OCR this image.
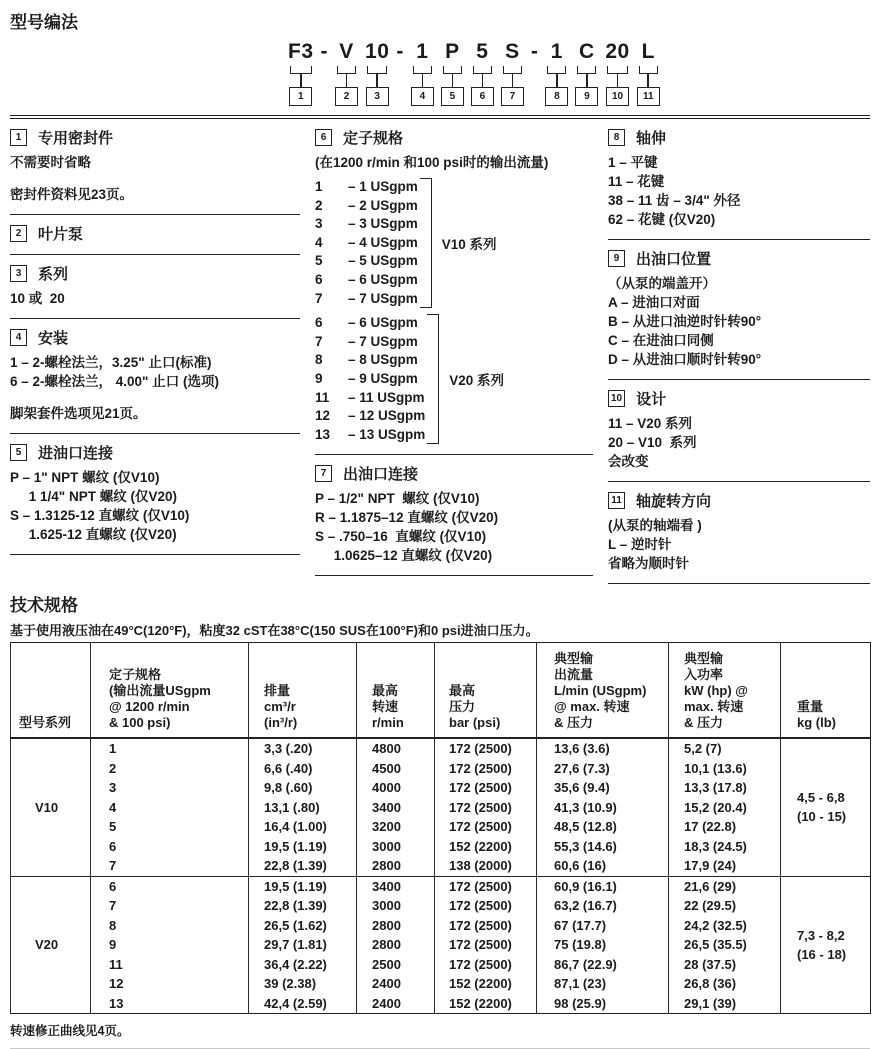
型号编法
F3
1
- V
2
10
3
- 1
4
P
5
5
6
S
7
- 1
8
C
9
20
10
L
11
1	专用密封件
不需要时省略
密封件资料见23页。
2	叶片泵
3	系列
10 或  20
4	安装
1 – 2-螺栓法兰，3.25" 止口(标准)
6 – 2-螺栓法兰， 4.00" 止口 (选项)
脚架套件选项见21页。
5	进油口连接
P – 1" NPT 螺纹 (仅V10)
1 1/4" NPT 螺纹 (仅V20)
S – 1.3125-12 直螺纹 (仅V10)
1.625-12 直螺纹 (仅V20)
6	定子规格
(在1200 r/min 和100 psi时的输出流量)
1	– 1 USgpm
2	– 2 USgpm
3	– 3 USgpm
4	– 4 USgpm
5	– 5 USgpm
6	– 6 USgpm
7	– 7 USgpm
V10 系列
6	– 6 USgpm
7	– 7 USgpm
8	– 8 USgpm
9	– 9 USgpm
11	– 11 USgpm
12	– 12 USgpm
13	– 13 USgpm
V20 系列
7	出油口连接
P – 1/2" NPT  螺纹 (仅V10)
R – 1.1875–12 直螺纹 (仅V20)
S – .750–16  直螺纹 (仅V10)
1.0625–12 直螺纹 (仅V20)
8	轴伸
1 – 平键
11 – 花键
38 – 11 齿 – 3/4" 外径
62 – 花键 (仅V20)
9	出油口位置
（从泵的端盖开）
A – 进油口对面
B – 从进口油逆时针转90°
C – 在进油口同侧
D – 从进油口顺时针转90°
10 设计
11 – V20 系列
20 – V10  系列
会改变
11 轴旋转方向
(从泵的轴端看 )
L – 逆时针
省略为顺时针
技术规格
基于使用液压油在49°C(120°F)，粘度32 cST在38°C(150 SUS在100°F)和0 psi进油口压力。
型号系列

定子规格
(输出流量USgpm
@ 1200 r/min
& 100 psi)

排量
cm³/r
(in³/r)

最高
转速
r/min

最高
压力
bar (psi)

典型输
出流量
L/min (USgpm)
@ max. 转速
& 压力

典型输
入功率
kW (hp) @
max. 转速
& 压力

重量
kg (lb)

V10	1	3,3 (.20)	4800	172 (2500)	13,6 (3.6)	5,2 (7)	4,5 - 6,8
(10 - 15)

	2	6,6 (.40)	4500	172 (2500)	27,6 (7.3)	10,1 (13.6)	
	3	9,8 (.60)	4000	172 (2500)	35,6 (9.4)	13,3 (17.8)	
	4	13,1 (.80)	3400	172 (2500)	41,3 (10.9)	15,2 (20.4)	
	5	16,4 (1.00)	3200	172 (2500)	48,5 (12.8)	17 (22.8)	
	6	19,5 (1.19)	3000	152 (2200)	55,3 (14.6)	18,3 (24.5)	
	7	22,8 (1.39)	2800	138 (2000)	60,6 (16)	17,9 (24)	
V20	6	19,5 (1.19)	3400	172 (2500)	60,9 (16.1)	21,6 (29)	7,3 - 8,2
(16 - 18)

	7	22,8 (1.39)	3000	172 (2500)	63,2 (16.7)	22 (29.5)	
	8	26,5 (1.62)	2800	172 (2500)	67 (17.7)	24,2 (32.5)	
	9	29,7 (1.81)	2800	172 (2500)	75 (19.8)	26,5 (35.5)	
	11	36,4 (2.22)	2500	172 (2500)	86,7 (22.9)	28 (37.5)	
	12	39 (2.38)	2400	152 (2200)	87,1 (23)	26,8 (36)	
	13	42,4 (2.59)	2400	152 (2200)	98 (25.9)	29,1 (39)	
转速修正曲线见4页。
